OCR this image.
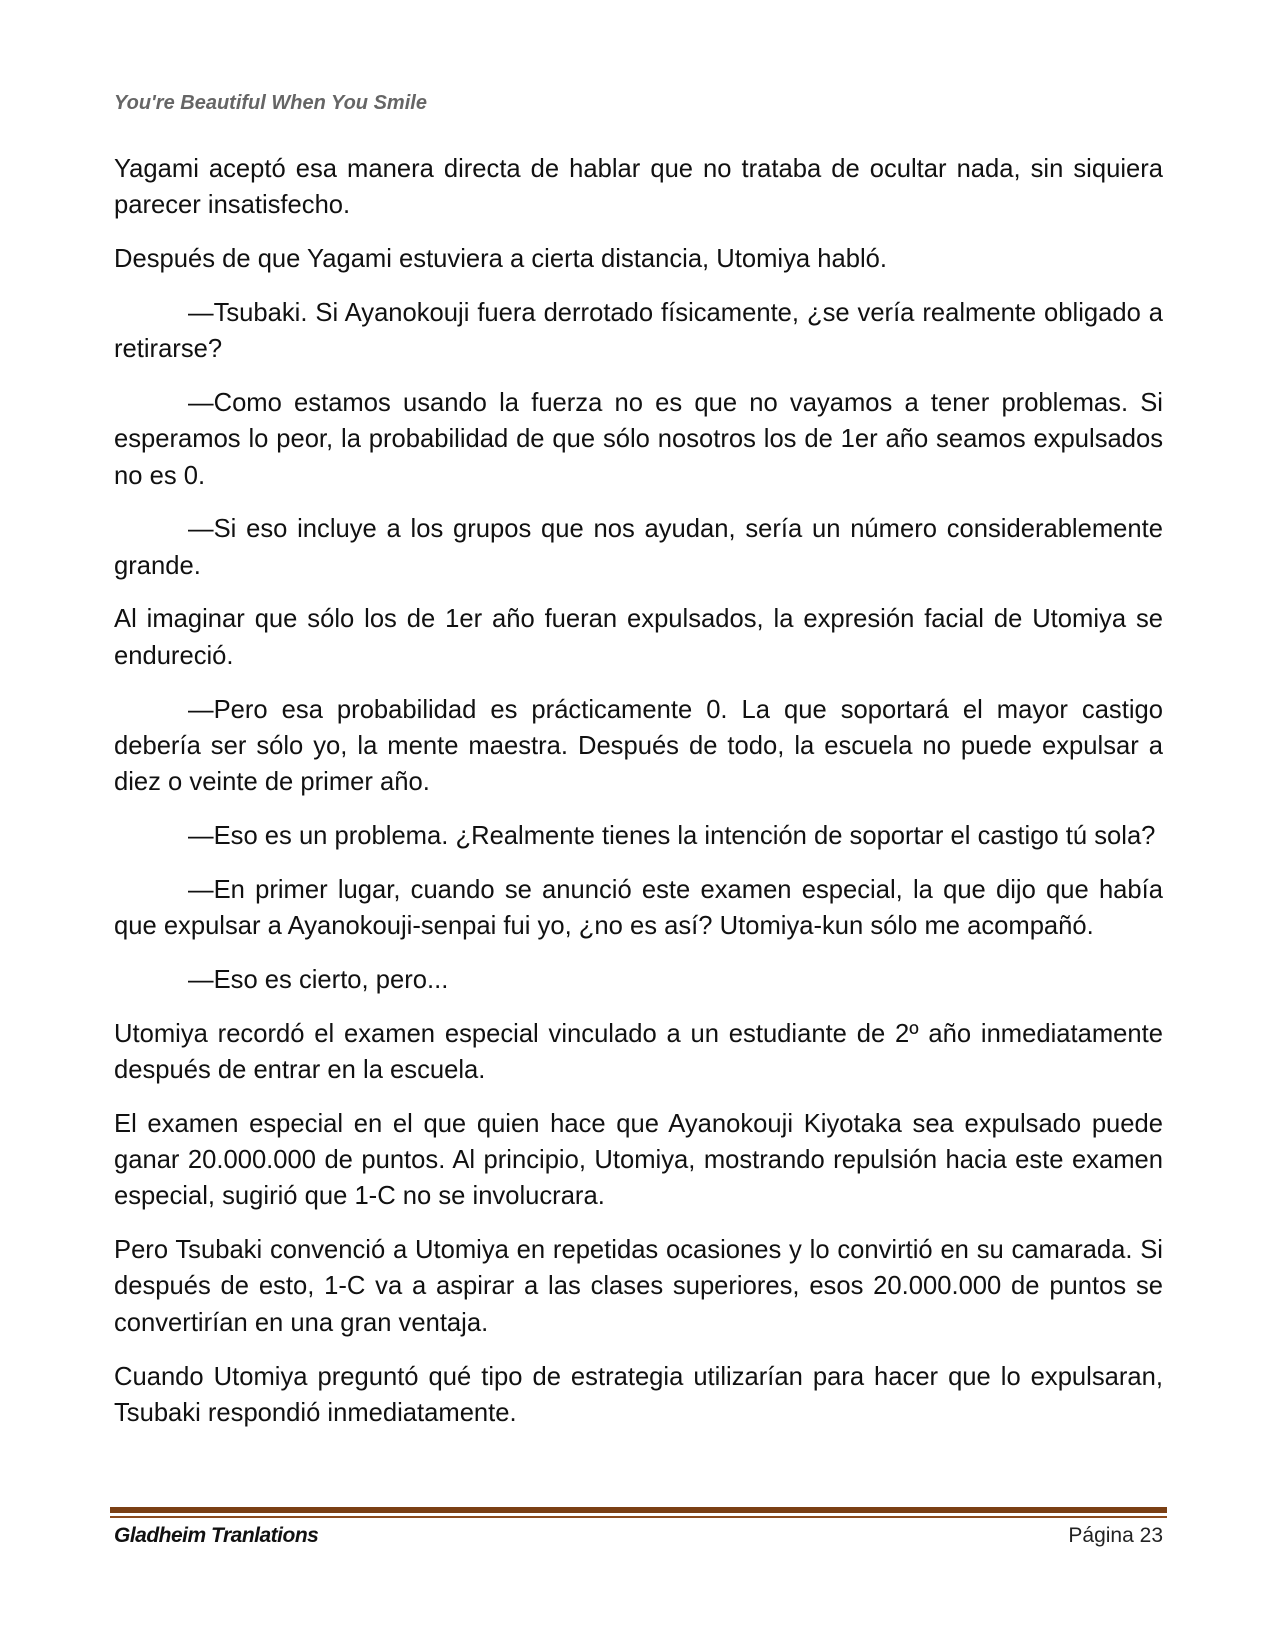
You're Beautiful When You Smile

Yagami aceptó esa manera directa de hablar que no trataba de ocultar nada, sin siquiera parecer insatisfecho.

Después de que Yagami estuviera a cierta distancia, Utomiya habló.

—Tsubaki. Si Ayanokouji fuera derrotado físicamente, ¿se vería realmente obligado a retirarse?

—Como estamos usando la fuerza no es que no vayamos a tener problemas. Si esperamos lo peor, la probabilidad de que sólo nosotros los de 1er año seamos expulsados no es 0.

—Si eso incluye a los grupos que nos ayudan, sería un número considerablemente grande.

Al imaginar que sólo los de 1er año fueran expulsados, la expresión facial de Utomiya se endureció.

—Pero esa probabilidad es prácticamente 0. La que soportará el mayor castigo debería ser sólo yo, la mente maestra. Después de todo, la escuela no puede expulsar a diez o veinte de primer año.

—Eso es un problema. ¿Realmente tienes la intención de soportar el castigo tú sola?

—En primer lugar, cuando se anunció este examen especial, la que dijo que había que expulsar a Ayanokouji-senpai fui yo, ¿no es así? Utomiya-kun sólo me acompañó.

—Eso es cierto, pero...

Utomiya recordó el examen especial vinculado a un estudiante de 2º año inmediatamente después de entrar en la escuela.

El examen especial en el que quien hace que Ayanokouji Kiyotaka sea expulsado puede ganar 20.000.000 de puntos. Al principio, Utomiya, mostrando repulsión hacia este examen especial, sugirió que 1-C no se involucrara.

Pero Tsubaki convenció a Utomiya en repetidas ocasiones y lo convirtió en su camarada. Si después de esto, 1-C va a aspirar a las clases superiores, esos 20.000.000 de puntos se convertirían en una gran ventaja.

Cuando Utomiya preguntó qué tipo de estrategia utilizarían para hacer que lo expulsaran, Tsubaki respondió inmediatamente.

Gladheim Tranlations	Página 23
